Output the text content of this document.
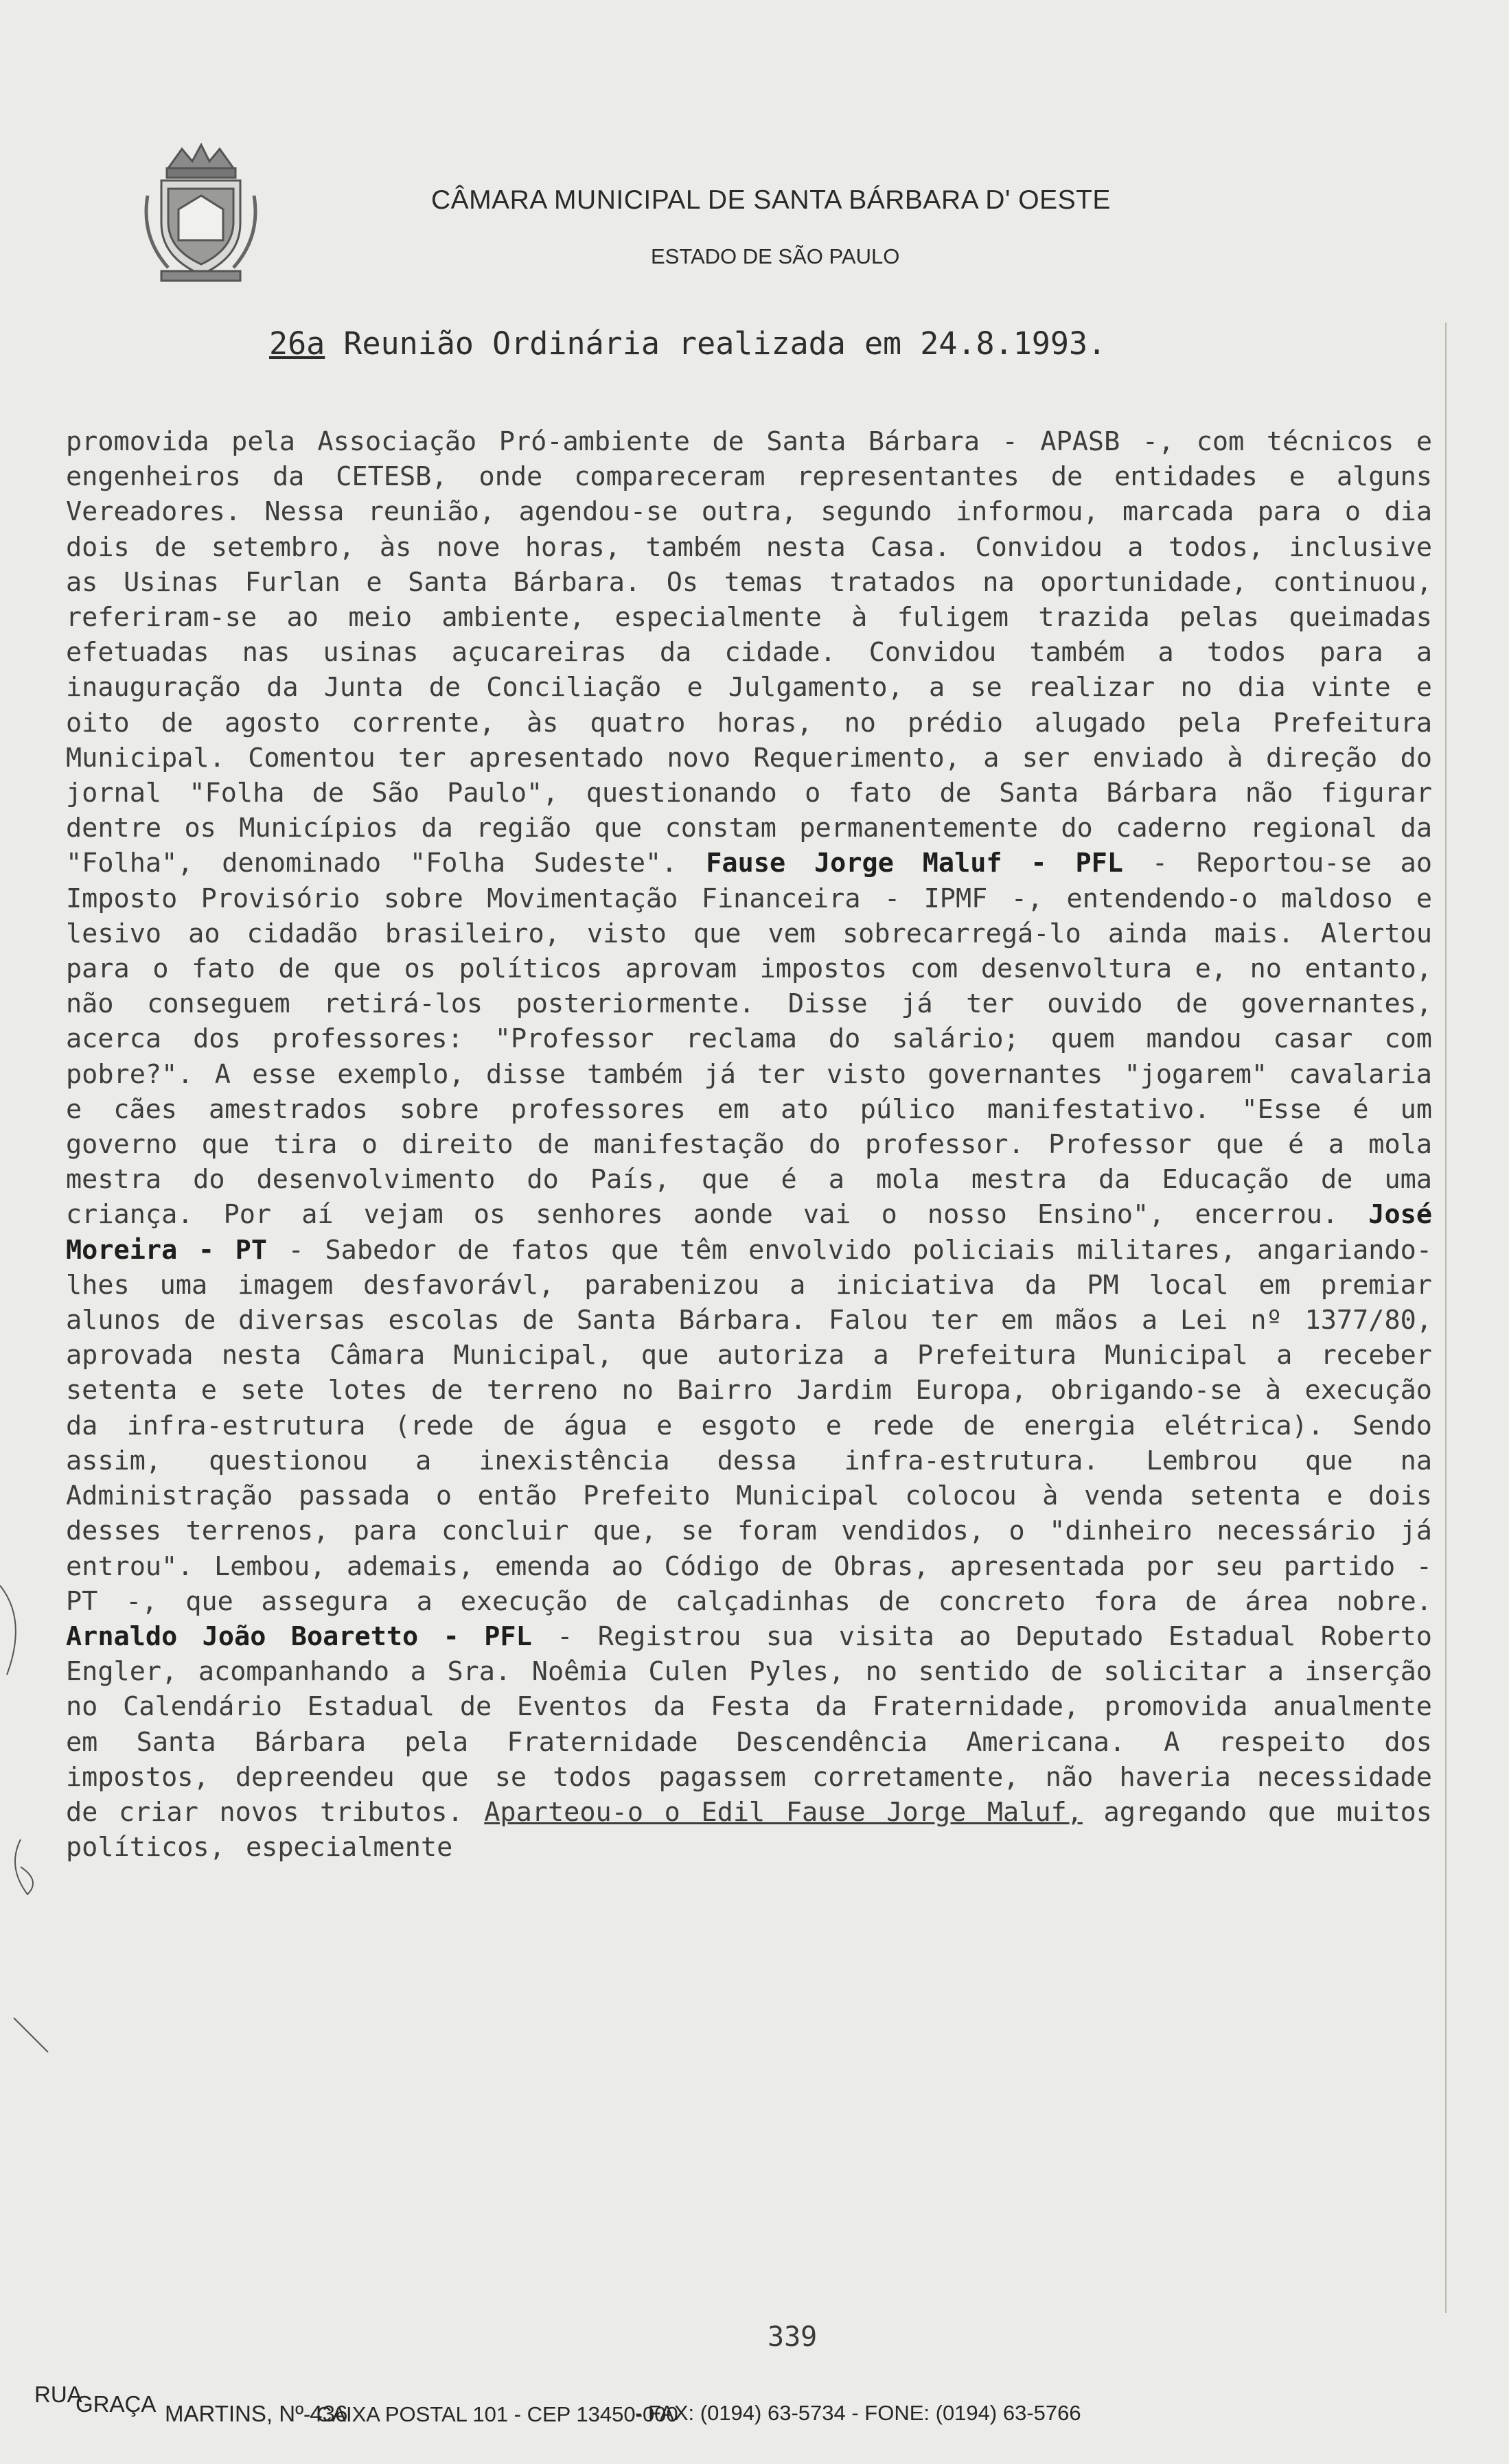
CÂMARA MUNICIPAL DE SANTA BÁRBARA D' OESTE
ESTADO DE SÃO PAULO
26a Reunião Ordinária realizada em 24.8.1993.
promovida pela Associação Pró-ambiente de Santa Bárbara - APASB -, com técnicos e engenheiros da CETESB, onde compareceram representantes de entidades e alguns Vereadores. Nessa reunião, agendou-se outra, segundo informou, marcada para o dia dois de setembro, às nove horas, também nesta Casa. Convidou a todos, inclusive as Usinas Furlan e Santa Bárbara. Os temas tratados na oportunidade, continuou, referiram-se ao meio ambiente, especialmente à fuligem trazida pelas queimadas efetuadas nas usinas açucareiras da cidade. Convidou também a todos para a inauguração da Junta de Conciliação e Julgamento, a se realizar no dia vinte e oito de agosto corrente, às quatro horas, no prédio alugado pela Prefeitura Municipal. Comentou ter apresentado novo Requerimento, a ser enviado à direção do jornal "Folha de São Paulo", questionando o fato de Santa Bárbara não figurar dentre os Municípios da região que constam permanentemente do caderno regional da "Folha", denominado "Folha Sudeste". Fause Jorge Maluf - PFL - Reportou-se ao Imposto Provisório sobre Movimentação Financeira - IPMF -, entendendo-o maldoso e lesivo ao cidadão brasileiro, visto que vem sobrecarregá-lo ainda mais. Alertou para o fato de que os políticos aprovam impostos com desenvoltura e, no entanto, não conseguem retirá-los posteriormente. Disse já ter ouvido de governantes, acerca dos professores: "Professor reclama do salário; quem mandou casar com pobre?". A esse exemplo, disse também já ter visto governantes "jogarem" cavalaria e cães amestrados sobre professores em ato púlico manifestativo. "Esse é um governo que tira o direito de manifestação do professor. Professor que é a mola mestra do desenvolvimento do País, que é a mola mestra da Educação de uma criança. Por aí vejam os senhores aonde vai o nosso Ensino", encerrou. José Moreira - PT - Sabedor de fatos que têm envolvido policiais militares, angariando-lhes uma imagem desfavorávl, parabenizou a iniciativa da PM local em premiar alunos de diversas escolas de Santa Bárbara. Falou ter em mãos a Lei nº 1377/80, aprovada nesta Câmara Municipal, que autoriza a Prefeitura Municipal a receber setenta e sete lotes de terreno no Bairro Jardim Europa, obrigando-se à execução da infra-estrutura (rede de água e esgoto e rede de energia elétrica). Sendo assim, questionou a inexistência dessa infra-estrutura. Lembrou que na Administração passada o então Prefeito Municipal colocou à venda setenta e dois desses terrenos, para concluir que, se foram vendidos, o "dinheiro necessário já entrou". Lembou, ademais, emenda ao Código de Obras, apresentada por seu partido - PT -, que assegura a execução de calçadinhas de concreto fora de área nobre. Arnaldo João Boaretto - PFL - Registrou sua visita ao Deputado Estadual Roberto Engler, acompanhando a Sra. Noêmia Culen Pyles, no sentido de solicitar a inserção no Calendário Estadual de Eventos da Festa da Fraternidade, promovida anualmente em Santa Bárbara pela Fraternidade Descendência Americana. A respeito dos impostos, depreendeu que se todos pagassem corretamente, não haveria necessidade de criar novos tributos. Aparteou-o o Edil Fause Jorge Maluf, agregando que muitos políticos, especialmente
339
RUA
GRAÇA MARTINS, Nº 436
- CAIXA POSTAL 101 - CEP 13450-000
- FAX: (0194) 63-5734 - FONE: (0194) 63-5766
